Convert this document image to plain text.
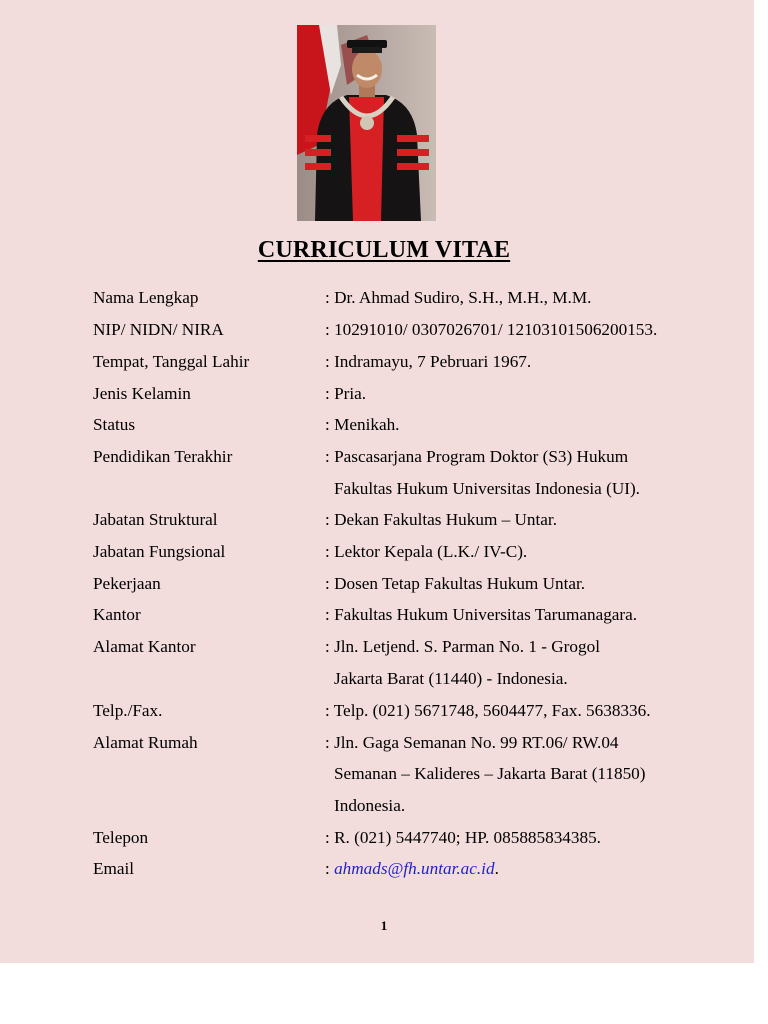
CURRICULUM VITAE
Nama Lengkap	: Dr. Ahmad Sudiro, S.H., M.H., M.M.
NIP/ NIDN/ NIRA	: 10291010/ 0307026701/ 12103101506200153.
Tempat, Tanggal Lahir	: Indramayu, 7 Pebruari 1967.
Jenis Kelamin	: Pria.
Status	: Menikah.
Pendidikan Terakhir	: Pascasarjana Program Doktor (S3) Hukum
Fakultas Hukum Universitas Indonesia (UI).
Jabatan Struktural	: Dekan Fakultas Hukum – Untar.
Jabatan Fungsional	: Lektor Kepala (L.K./ IV-C).
Pekerjaan	: Dosen Tetap Fakultas Hukum Untar.
Kantor	: Fakultas Hukum Universitas Tarumanagara.
Alamat Kantor	: Jln. Letjend. S. Parman No. 1 - Grogol
Jakarta Barat (11440) - Indonesia.
Telp./Fax.	: Telp. (021) 5671748, 5604477, Fax. 5638336.
Alamat Rumah	: Jln. Gaga Semanan No. 99 RT.06/ RW.04
Semanan – Kalideres – Jakarta Barat (11850)
Indonesia.
Telepon	: R. (021) 5447740; HP. 085885834385.
Email	: ahmads@fh.untar.ac.id.
1
